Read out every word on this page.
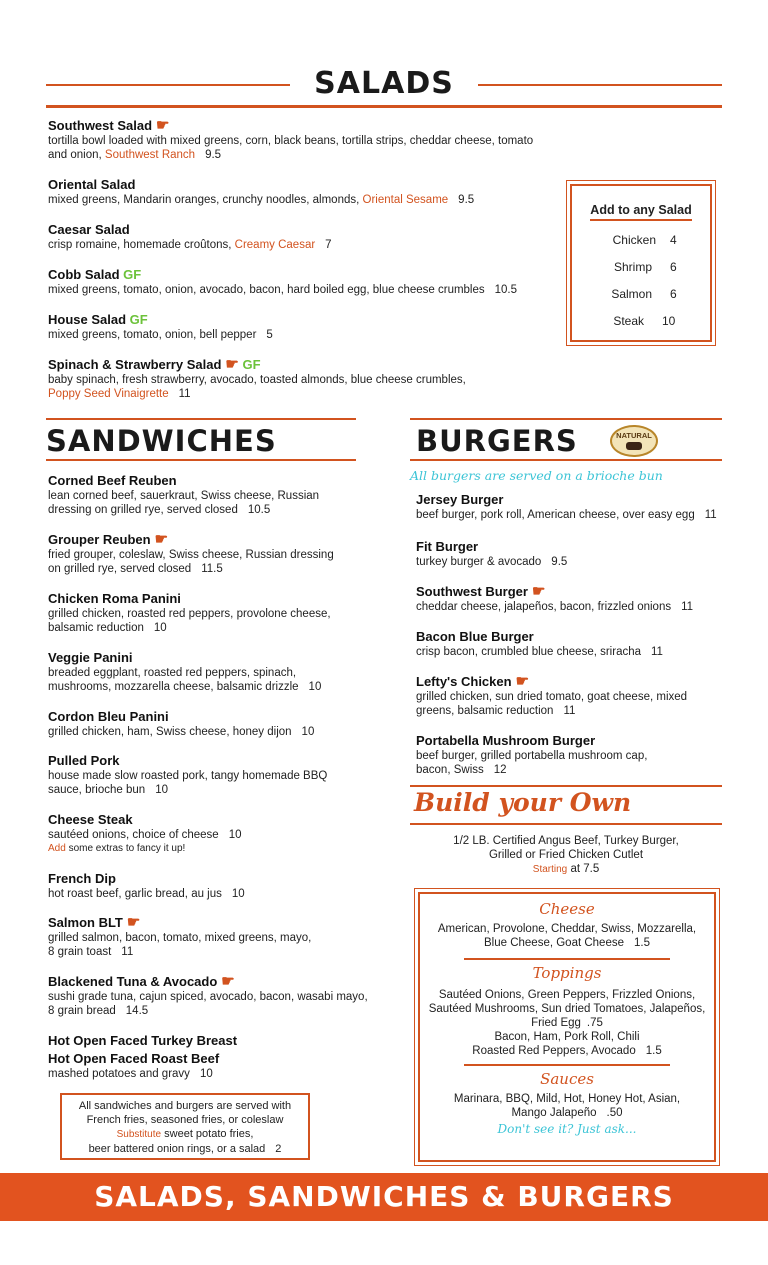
SALADS
Southwest Salad ☛
tortilla bowl loaded with mixed greens, corn, black beans, tortilla strips, cheddar cheese, tomato
and onion, Southwest Ranch 9.5
Oriental Salad
mixed greens, Mandarin oranges, crunchy noodles, almonds, Oriental Sesame 9.5
Caesar Salad
crisp romaine, homemade croûtons, Creamy Caesar 7
Cobb Salad GF
mixed greens, tomato, onion, avocado, bacon, hard boiled egg, blue cheese crumbles 10.5
House Salad GF
mixed greens, tomato, onion, bell pepper 5
Spinach & Strawberry Salad ☛ GF
baby spinach, fresh strawberry, avocado, toasted almonds, blue cheese crumbles,
Poppy Seed Vinaigrette 11
Add to any Salad
Chicken 4
Shrimp 6
Salmon 6
Steak 10
SANDWICHES
Corned Beef Reuben
lean corned beef, sauerkraut, Swiss cheese, Russian
dressing on grilled rye, served closed 10.5
Grouper Reuben ☛
fried grouper, coleslaw, Swiss cheese, Russian dressing
on grilled rye, served closed 11.5
Chicken Roma Panini
grilled chicken, roasted red peppers, provolone cheese,
balsamic reduction 10
Veggie Panini
breaded eggplant, roasted red peppers, spinach,
mushrooms, mozzarella cheese, balsamic drizzle 10
Cordon Bleu Panini
grilled chicken, ham, Swiss cheese, honey dijon 10
Pulled Pork
house made slow roasted pork, tangy homemade BBQ
sauce, brioche bun 10
Cheese Steak
sautéed onions, choice of cheese 10
Add some extras to fancy it up!
French Dip
hot roast beef, garlic bread, au jus 10
Salmon BLT ☛
grilled salmon, bacon, tomato, mixed greens, mayo,
8 grain toast 11
Blackened Tuna & Avocado ☛
sushi grade tuna, cajun spiced, avocado, bacon, wasabi mayo,
8 grain bread 14.5
Hot Open Faced Turkey Breast
Hot Open Faced Roast Beef
mashed potatoes and gravy 10
All sandwiches and burgers are served with
French fries, seasoned fries, or coleslaw
Substitute sweet potato fries,
beer battered onion rings, or a salad 2
BURGERS	NATURAL
All burgers are served on a brioche bun
Jersey Burger
beef burger, pork roll, American cheese, over easy egg 11
Fit Burger
turkey burger & avocado 9.5
Southwest Burger ☛
cheddar cheese, jalapeños, bacon, frizzled onions 11
Bacon Blue Burger
crisp bacon, crumbled blue cheese, sriracha 11
Lefty's Chicken ☛
grilled chicken, sun dried tomato, goat cheese, mixed
greens, balsamic reduction 11
Portabella Mushroom Burger
beef burger, grilled portabella mushroom cap,
bacon, Swiss 12
Build your Own
1/2 LB. Certified Angus Beef, Turkey Burger,
Grilled or Fried Chicken Cutlet
Starting at 7.5
Cheese
American, Provolone, Cheddar, Swiss, Mozzarella,
Blue Cheese, Goat Cheese 1.5
Toppings
Sautéed Onions, Green Peppers, Frizzled Onions,
Sautéed Mushrooms, Sun dried Tomatoes, Jalapeños,
Fried Egg .75
Bacon, Ham, Pork Roll, Chili
Roasted Red Peppers, Avocado 1.5
Sauces
Marinara, BBQ, Mild, Hot, Honey Hot, Asian,
Mango Jalapeño .50
Don't see it? Just ask...
SALADS, SANDWICHES & BURGERS
